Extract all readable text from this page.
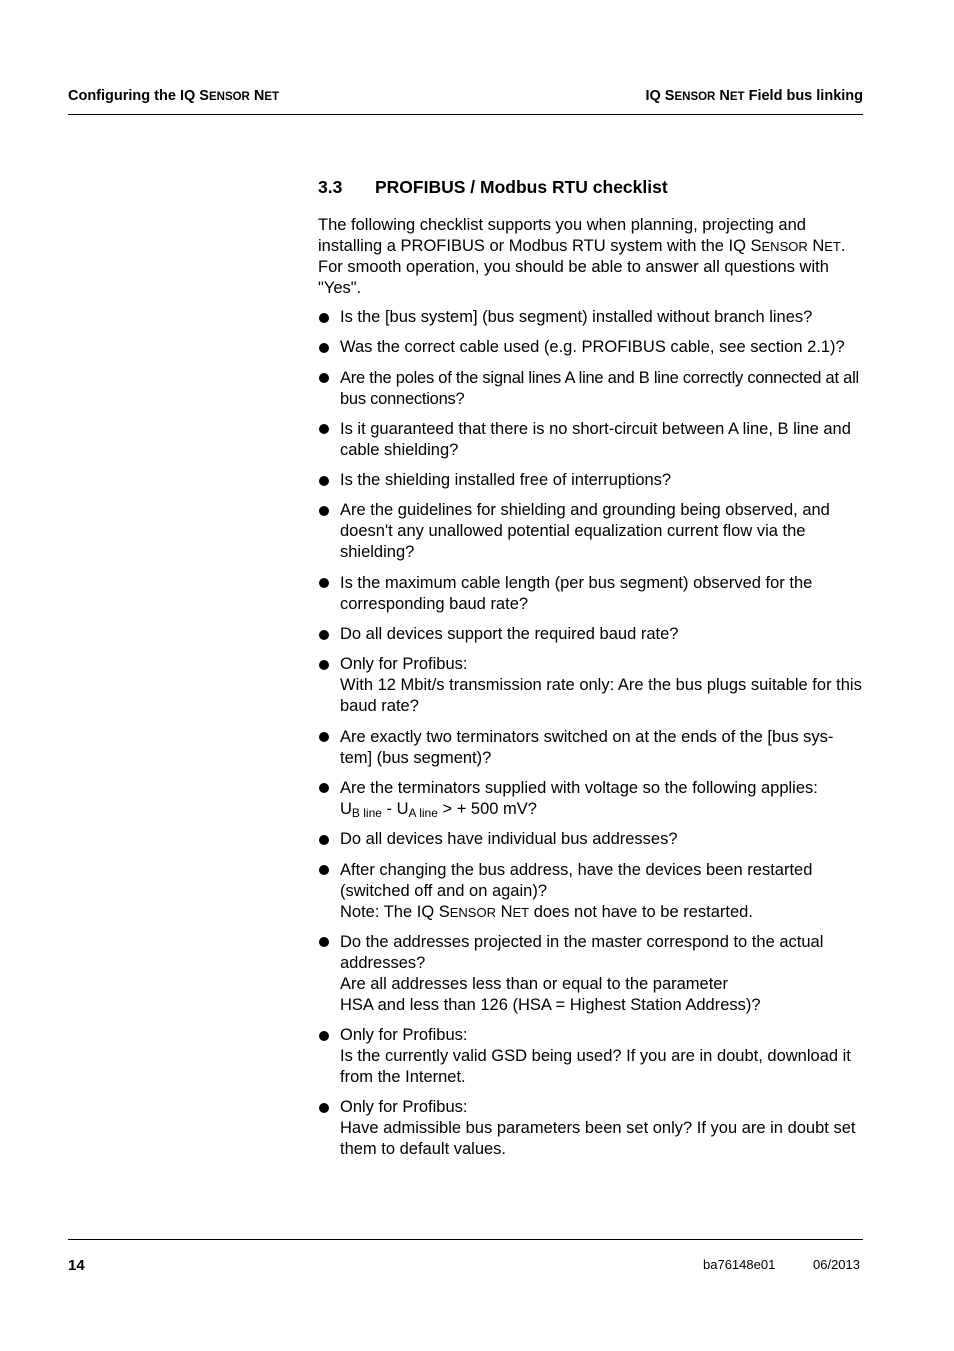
Configuring the IQ SENSOR NET	IQ SENSOR NET Field bus linking
3.3 PROFIBUS / Modbus RTU checklist

The following checklist supports you when planning, projecting and installing a PROFIBUS or Modbus RTU system with the IQ SENSOR NET. For smooth operation, you should be able to answer all questions with "Yes".

Is the [bus system] (bus segment) installed without branch lines?
Was the correct cable used (e.g. PROFIBUS cable, see section 2.1)?
Are the poles of the signal lines A line and B line correctly connected at all bus connections?
Is it guaranteed that there is no short-circuit between A line, B line and cable shielding?
Is the shielding installed free of interruptions?
Are the guidelines for shielding and grounding being observed, and doesn't any unallowed potential equalization current flow via the shielding?
Is the maximum cable length (per bus segment) observed for the corresponding baud rate?
Do all devices support the required baud rate?
Only for Profibus:
With 12 Mbit/s transmission rate only: Are the bus plugs suitable for this baud rate?
Are exactly two terminators switched on at the ends of the [bus sys-
tem] (bus segment)?
Are the terminators supplied with voltage so the following applies:
$U_{B line} - U_{A line}$ > + 500 mV?
Do all devices have individual bus addresses?
After changing the bus address, have the devices been restarted (switched off and on again)?
Note: The IQ SENSOR NET does not have to be restarted.
Do the addresses projected in the master correspond to the actual addresses?
Are all addresses less than or equal to the parameter
HSA and less than 126 (HSA = Highest Station Address)?
Only for Profibus:
Is the currently valid GSD being used? If you are in doubt, download it from the Internet.
Only for Profibus:
Have admissible bus parameters been set only? If you are in doubt set them to default values.
14	ba76148e01	06/2013
